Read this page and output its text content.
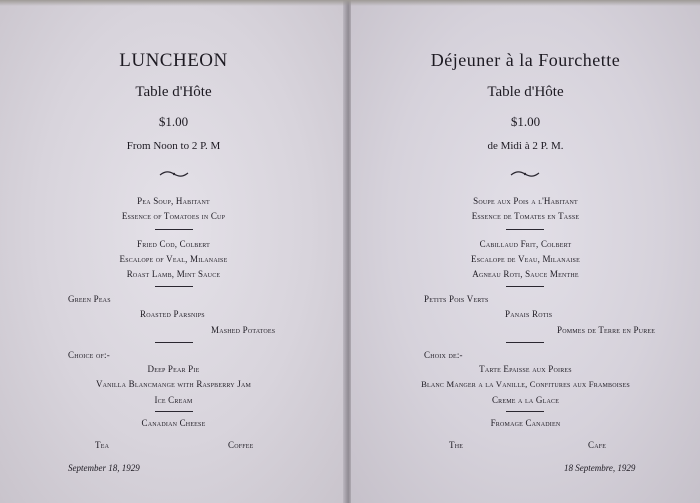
LUNCHEON
Table d'Hôte
$1.00
From Noon to 2 P. M
Pea Soup, Habitant
Essence of Tomatoes in Cup
Fried Cod, Colbert
Escalope of Veal, Milanaise
Roast Lamb, Mint Sauce
Green Peas
Roasted Parsnips
Mashed Potatoes
Choice of:-
Deep Pear Pie
Vanilla Blancmange with Raspberry Jam
Ice Cream
Canadian Cheese
Tea	Coffee
September 18, 1929
Déjeuner à la Fourchette
Table d'Hôte
$1.00
de Midi à 2 P. M.
Soupe aux Pois a l'Habitant
Essence de Tomates en Tasse
Cabillaud Frit, Colbert
Escalope de Veau, Milanaise
Agneau Roti, Sauce Menthe
Petits Pois Verts
Panais Rotis
Pommes de Terre en Puree
Choix de:-
Tarte Epaisse aux Poires
Blanc Manger a la Vanille, Confitures aux Framboises
Creme a la Glace
Fromage Canadien
The	Cafe
18 Septembre, 1929
